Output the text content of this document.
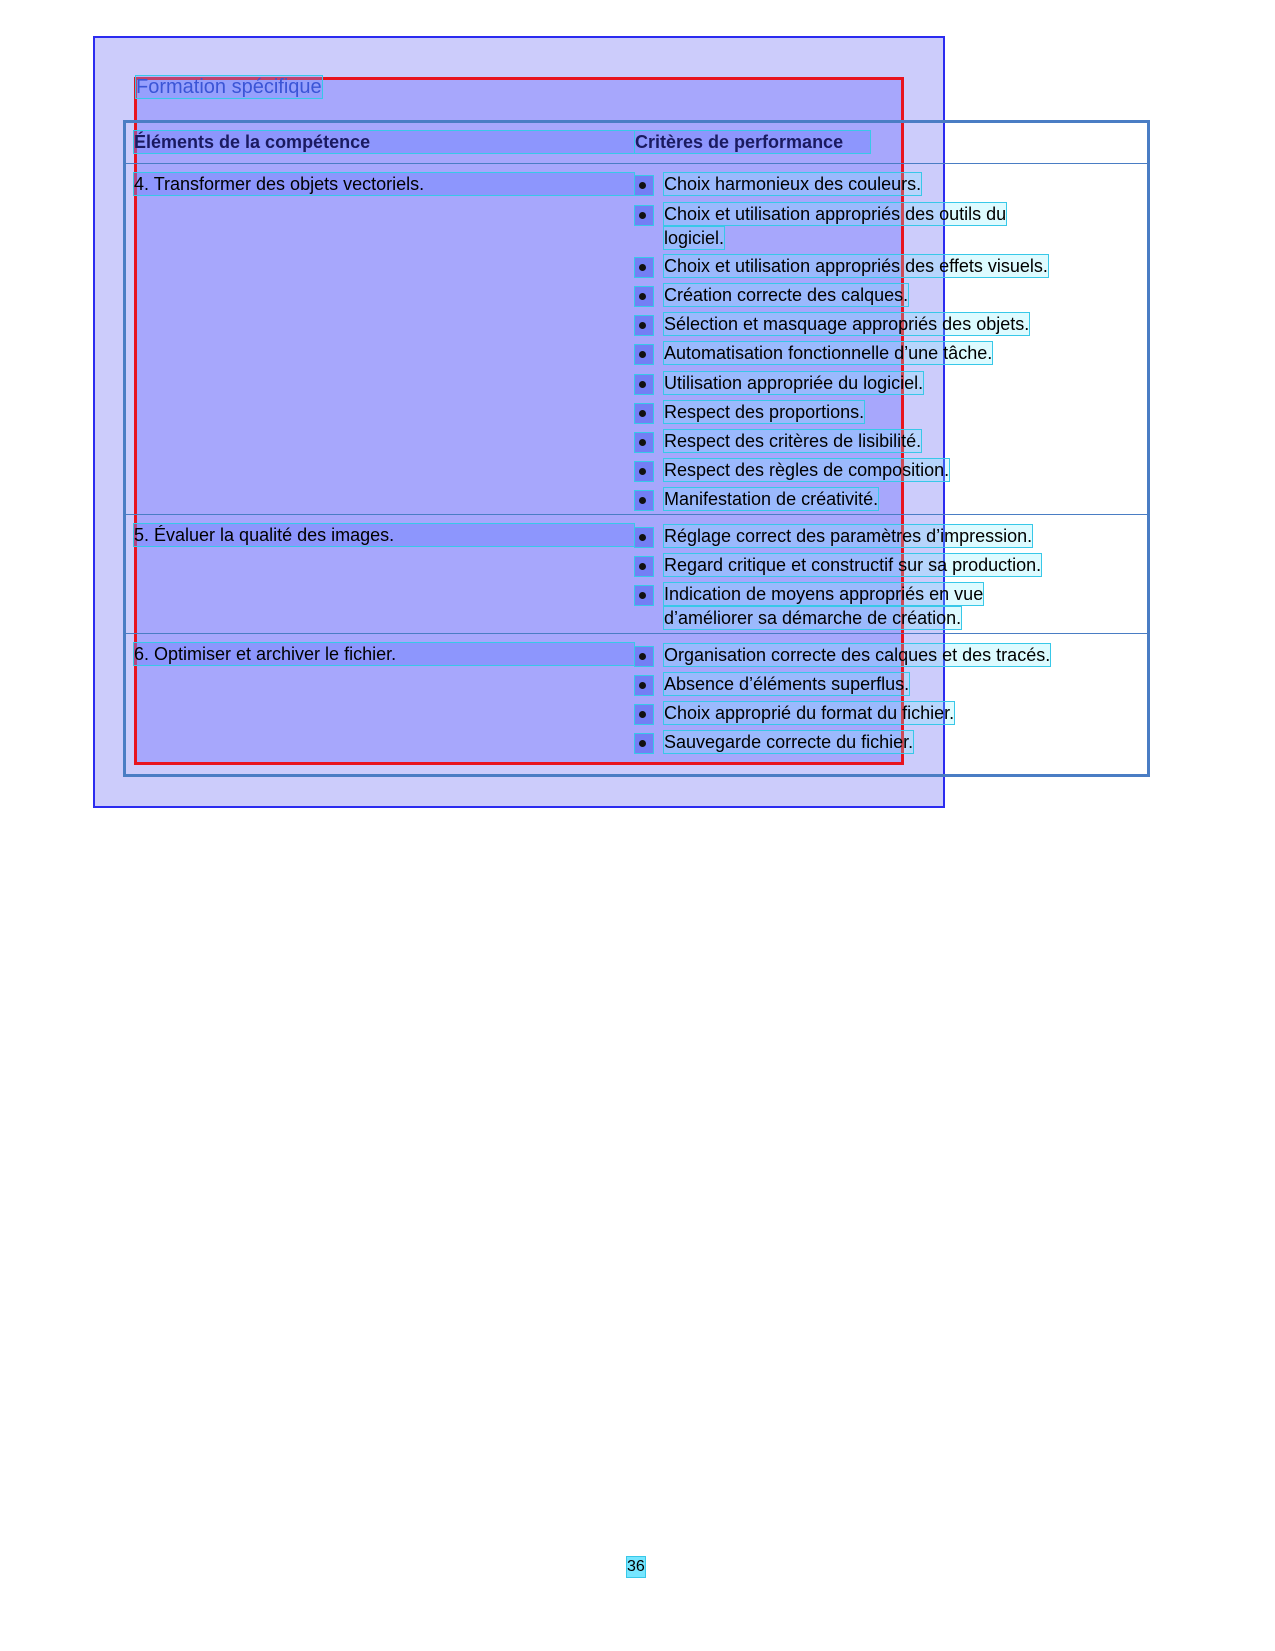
Formation spécifique
Éléments de la compétence	Critères de performance
4. Transformer des objets vectoriels.	Choix harmonieux des couleurs.
Choix et utilisation appropriés des outils du
logiciel.
Choix et utilisation appropriés des effets visuels.
Création correcte des calques.
Sélection et masquage appropriés des objets.
Automatisation fonctionnelle d’une tâche.
Utilisation appropriée du logiciel.
Respect des proportions.
Respect des critères de lisibilité.
Respect des règles de composition.
Manifestation de créativité.
5. Évaluer la qualité des images.	Réglage correct des paramètres d’impression.
Regard critique et constructif sur sa production.
Indication de moyens appropriés en vue
d’améliorer sa démarche de création.
6. Optimiser et archiver le fichier.	Organisation correcte des calques et des tracés.
Absence d’éléments superflus.
Choix approprié du format du fichier.
Sauvegarde correcte du fichier.
36
